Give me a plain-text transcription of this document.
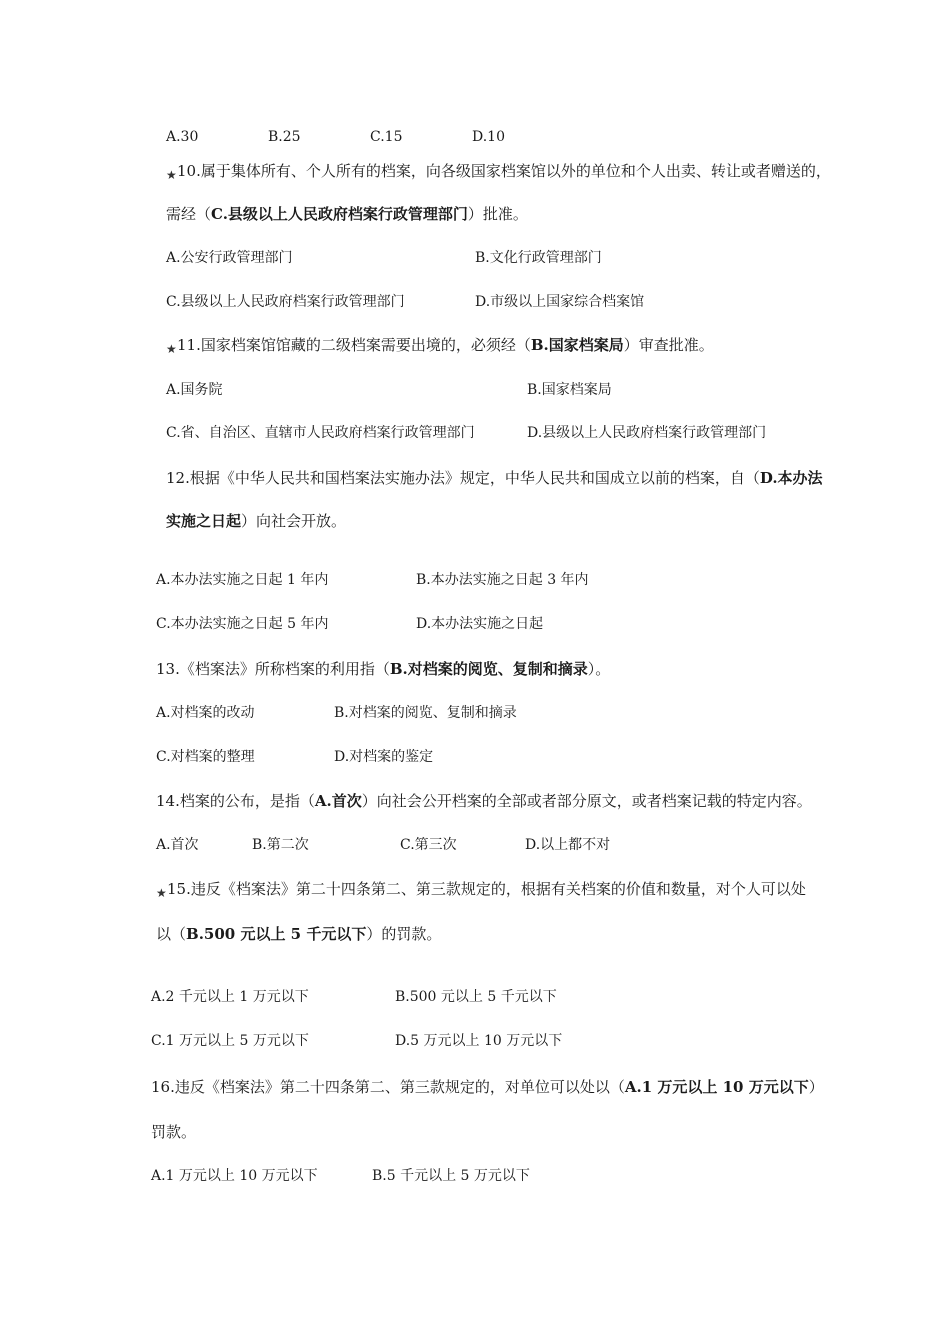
A.30	B.25	C.15	D.10
★10.属于集体所有、个人所有的档案，向各级国家档案馆以外的单位和个人出卖、转让或者赠送的，
需经（C.县级以上人民政府档案行政管理部门）批准。
A.公安行政管理部门	B.文化行政管理部门
C.县级以上人民政府档案行政管理部门	D.市级以上国家综合档案馆
★11.国家档案馆馆藏的二级档案需要出境的，必须经（B.国家档案局）审查批准。
A.国务院	B.国家档案局
C.省、自治区、直辖市人民政府档案行政管理部门	D.县级以上人民政府档案行政管理部门
12.根据《中华人民共和国档案法实施办法》规定，中华人民共和国成立以前的档案，自（D.本办法
实施之日起）向社会开放。
A.本办法实施之日起 1 年内	B.本办法实施之日起 3 年内
C.本办法实施之日起 5 年内	D.本办法实施之日起
13.《档案法》所称档案的利用指（B.对档案的阅览、复制和摘录）。
A.对档案的改动	B.对档案的阅览、复制和摘录
C.对档案的整理	D.对档案的鉴定
14.档案的公布，是指（A.首次）向社会公开档案的全部或者部分原文，或者档案记载的特定内容。
A.首次	B.第二次	C.第三次	D.以上都不对
★15.违反《档案法》第二十四条第二、第三款规定的，根据有关档案的价值和数量，对个人可以处
以（B.500 元以上 5 千元以下）的罚款。
A.2 千元以上 1 万元以下	B.500 元以上 5 千元以下
C.1 万元以上 5 万元以下	D.5 万元以上 10 万元以下
16.违反《档案法》第二十四条第二、第三款规定的，对单位可以处以（A.1 万元以上 10 万元以下）
罚款。
A.1 万元以上 10 万元以下	B.5 千元以上 5 万元以下
